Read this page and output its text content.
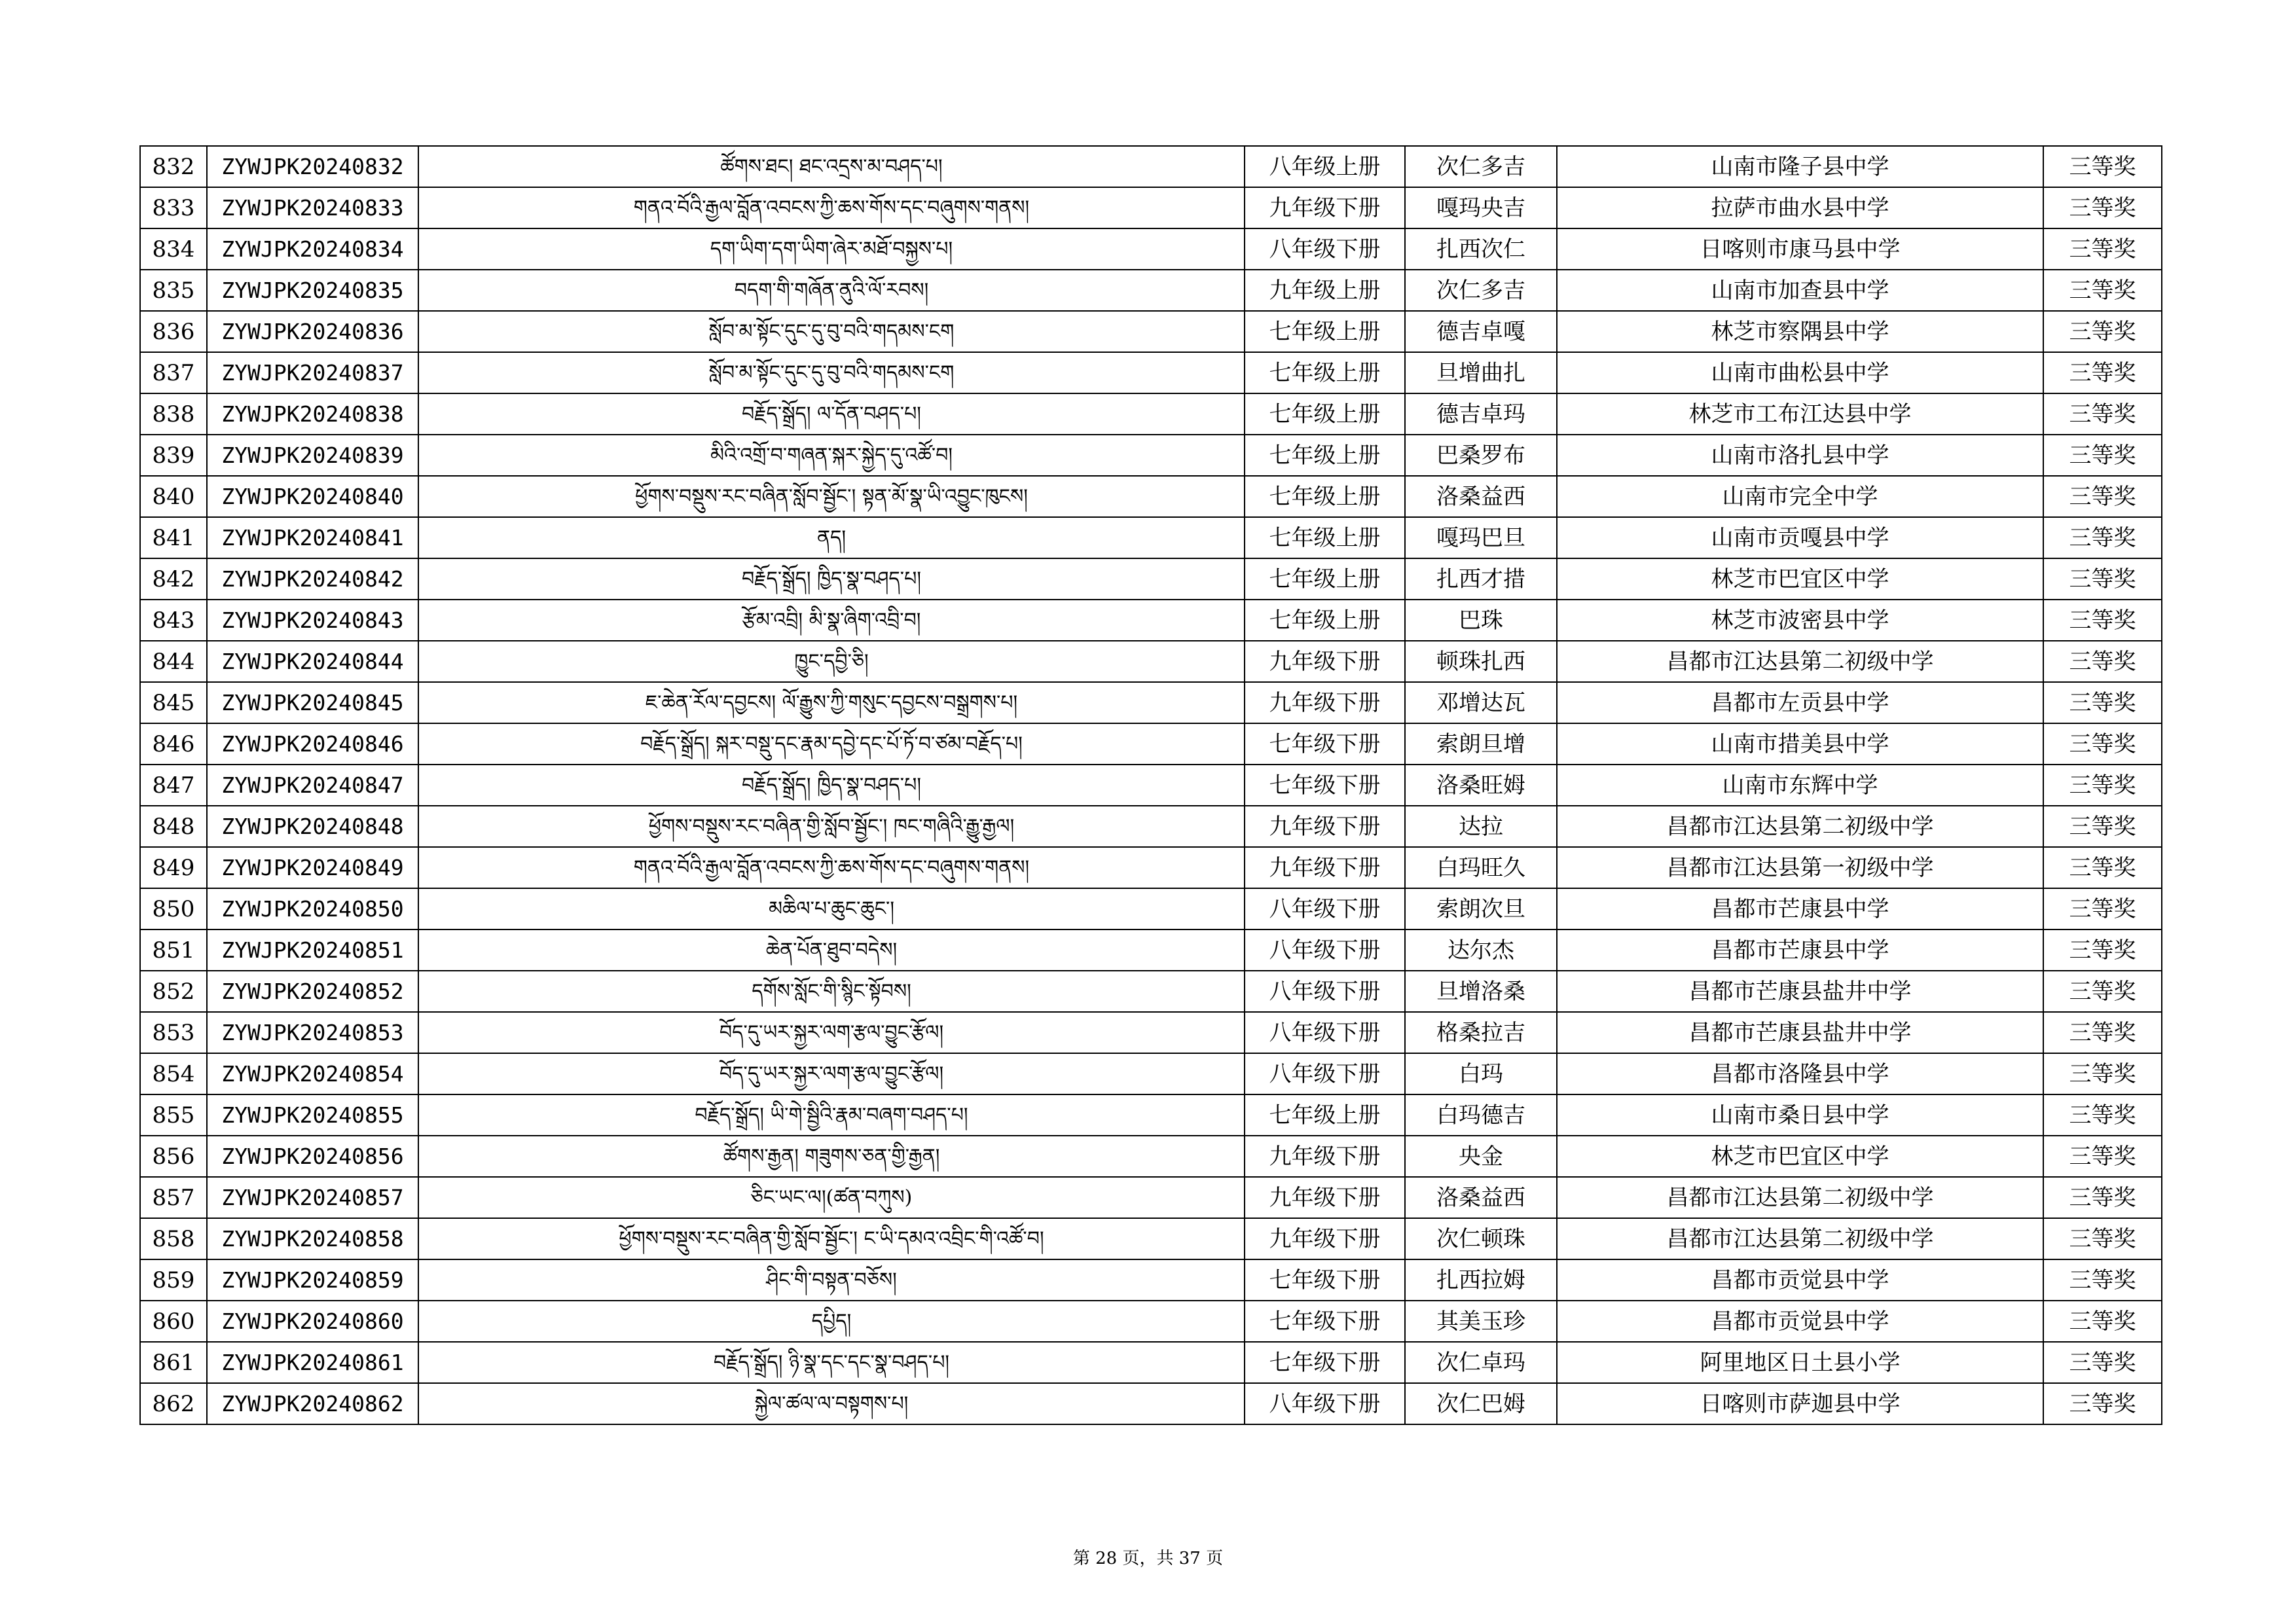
832	ZYWJPK20240832	ཚོགས་ཐང། ཐང་འདྲས་མ་བཤད་པ།	八年级上册	次仁多吉	山南市隆子县中学	三等奖
833	ZYWJPK20240833	གནའ་བོའི་རྒྱལ་བློན་འབངས་ཀྱི་ཆས་གོས་དང་བཞུགས་གནས།	九年级下册	嘎玛央吉	拉萨市曲水县中学	三等奖
834	ZYWJPK20240834	དག་ཡིག་དག་ཡིག་ཞེར་མཐོ་བསྐྱས་པ།	八年级下册	扎西次仁	日喀则市康马县中学	三等奖
835	ZYWJPK20240835	བདག་གི་གཞོན་ནུའི་ལོ་རབས།	九年级上册	次仁多吉	山南市加查县中学	三等奖
836	ZYWJPK20240836	སློབ་མ་སྟོང་དུང་དུ་བུ་བའི་གདམས་ངག	七年级上册	德吉卓嘎	林芝市察隅县中学	三等奖
837	ZYWJPK20240837	སློབ་མ་སྟོང་དུང་དུ་བུ་བའི་གདམས་ངག	七年级上册	旦增曲扎	山南市曲松县中学	三等奖
838	ZYWJPK20240838	བརྗོད་སྒྲོད། ལ་དོན་བཤད་པ།	七年级上册	德吉卓玛	林芝市工布江达县中学	三等奖
839	ZYWJPK20240839	མིའི་འགྲོ་བ་གཞན་སྐར་སྐྱེད་དུ་འཚོ་བ།	七年级上册	巴桑罗布	山南市洛扎县中学	三等奖
840	ZYWJPK20240840	ཕྱོགས་བསྡུས་རང་བཞིན་སློབ་སྦྱོང་། སྟན་མོ་སྣ་ཡི་འབྱུང་ཁུངས།	七年级上册	洛桑益西	山南市完全中学	三等奖
841	ZYWJPK20240841	ནད།	七年级上册	嘎玛巴旦	山南市贡嘎县中学	三等奖
842	ZYWJPK20240842	བརྗོད་སྒྲོད། ཁྱིད་སྣ་བཤད་པ།	七年级上册	扎西才措	林芝市巴宜区中学	三等奖
843	ZYWJPK20240843	རྩོམ་འབྲི། མི་སྣ་ཞིག་འབྲི་བ།	七年级上册	巴珠	林芝市波密县中学	三等奖
844	ZYWJPK20240844	ཁྱུང་དབྱི་ཅི།	九年级下册	顿珠扎西	昌都市江达县第二初级中学	三等奖
845	ZYWJPK20240845	ཇ་ཆེན་རོལ་དབྱངས། ལོ་རྒྱུས་ཀྱི་གསུང་དབྱངས་བསྒྲགས་པ།	九年级下册	邓增达瓦	昌都市左贡县中学	三等奖
846	ZYWJPK20240846	བརྗོད་སྒྲོད། སྐར་བསྡུ་དང་རྣམ་དབྱེ་དང་པོ་ཏོ་བ་ཙམ་བརྗོད་པ།	七年级下册	索朗旦增	山南市措美县中学	三等奖
847	ZYWJPK20240847	བརྗོད་སྒྲོད། ཁྱིད་སྣ་བཤད་པ།	七年级下册	洛桑旺姆	山南市东辉中学	三等奖
848	ZYWJPK20240848	ཕྱོགས་བསྡུས་རང་བཞིན་གྱི་སློབ་སྦྱོང་། ཁང་གཞིའི་རྒྱུ་རྒྱལ།	九年级下册	达拉	昌都市江达县第二初级中学	三等奖
849	ZYWJPK20240849	གནའ་བོའི་རྒྱལ་བློན་འབངས་ཀྱི་ཆས་གོས་དང་བཞུགས་གནས།	九年级下册	白玛旺久	昌都市江达县第一初级中学	三等奖
850	ZYWJPK20240850	མཆིལ་པ་ཆུང་ཆུང་།	八年级下册	索朗次旦	昌都市芒康县中学	三等奖
851	ZYWJPK20240851	ཆེན་པོན་ཐུབ་བདེས།	八年级下册	达尔杰	昌都市芒康县中学	三等奖
852	ZYWJPK20240852	དགོས་སློང་གི་སྙིང་སྟོབས།	八年级下册	旦增洛桑	昌都市芒康县盐井中学	三等奖
853	ZYWJPK20240853	བོད་དུ་ཡར་སྐྱར་ལག་རྩལ་བྱུང་རྩོལ།	八年级下册	格桑拉吉	昌都市芒康县盐井中学	三等奖
854	ZYWJPK20240854	བོད་དུ་ཡར་སྐྱར་ལག་རྩལ་བྱུང་རྩོལ།	八年级下册	白玛	昌都市洛隆县中学	三等奖
855	ZYWJPK20240855	བརྗོད་སྒྲོད། ཡི་གེ་སྦྱིའི་རྣམ་བཞག་བཤད་པ།	七年级上册	白玛德吉	山南市桑日县中学	三等奖
856	ZYWJPK20240856	ཚོགས་རྒྱན། གཟུགས་ཅན་གྱི་རྒྱན།	九年级下册	央金	林芝市巴宜区中学	三等奖
857	ZYWJPK20240857	ཅིང་ཡང་ལ།(ཚན་བཀུས)	九年级下册	洛桑益西	昌都市江达县第二初级中学	三等奖
858	ZYWJPK20240858	ཕྱོགས་བསྡུས་རང་བཞིན་གྱི་སློབ་སྦྱོང་། ང་ཡི་དམའ་འབྲིང་གི་འཚོ་བ།	九年级下册	次仁顿珠	昌都市江达县第二初级中学	三等奖
859	ZYWJPK20240859	ཤིང་གི་བསྟན་བཅོས།	七年级下册	扎西拉姆	昌都市贡觉县中学	三等奖
860	ZYWJPK20240860	དཔྱིད།	七年级下册	其美玉珍	昌都市贡觉县中学	三等奖
861	ZYWJPK20240861	བརྗོད་སྒྲོད། ཉི་སྣ་དང་དང་སྣ་བཤད་པ།	七年级下册	次仁卓玛	阿里地区日土县小学	三等奖
862	ZYWJPK20240862	སྐྱེལ་ཚལ་ལ་བསྟགས་པ།	八年级下册	次仁巴姆	日喀则市萨迦县中学	三等奖
第 28 页，共 37 页
